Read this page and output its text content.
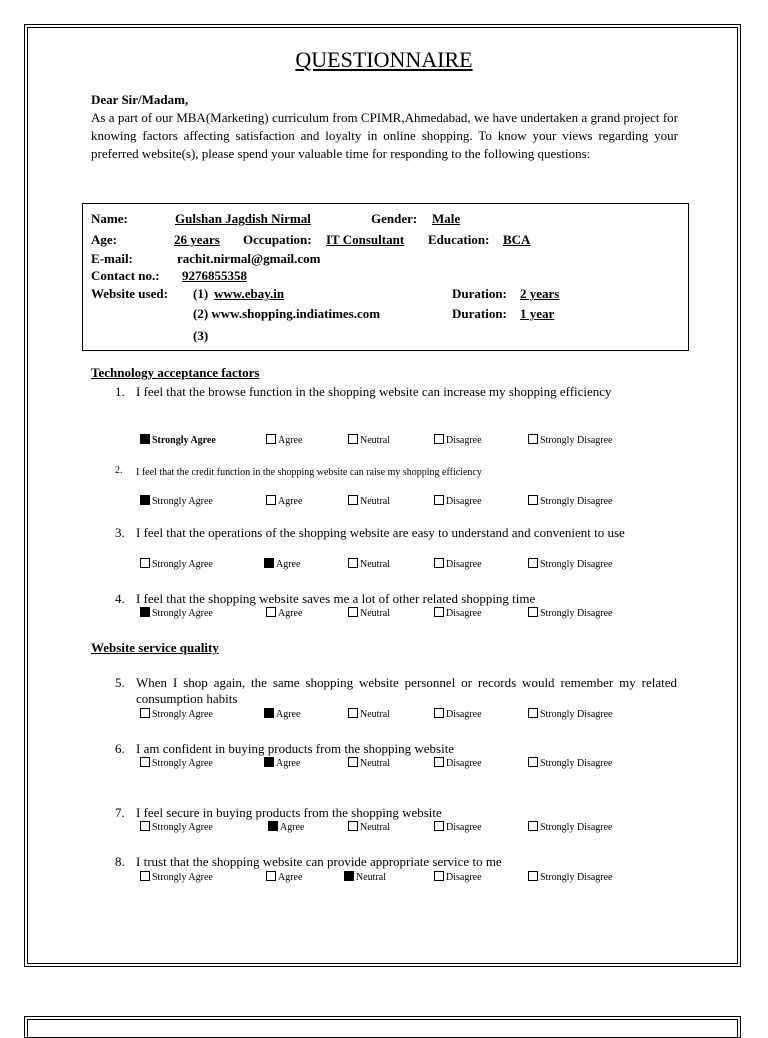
QUESTIONNAIRE
Dear Sir/Madam,
As a part of our MBA(Marketing) curriculum from CPIMR,Ahmedabad, we have undertaken a grand project for knowing factors affecting satisfaction and loyalty in online shopping. To know your views regarding your preferred website(s), please spend your valuable time for responding to the following questions:
Name:	Gulshan Jagdish Nirmal	Gender: Male
Age:	26 years Occupation: IT Consultant Education: BCA
E-mail:	rachit.nirmal@gmail.com
Contact no.: 9276855358
Website used: (1) www.ebay.in	Duration: 2 years
(2) www.shopping.indiatimes.com	Duration: 1 year
(3)
Technology acceptance factors
Website service quality
1. I feel that the browse function in the shopping website can increase my shopping efficiency
Strongly Agree	Agree	Neutral	Disagree	Strongly Disagree
2. I feel that the credit function in the shopping website can raise my shopping efficiency
Strongly Agree	Agree	Neutral	Disagree	Strongly Disagree
3. I feel that the operations of the shopping website are easy to understand and convenient to use
Strongly Agree	Agree	Neutral	Disagree	Strongly Disagree
4. I feel that the shopping website saves me a lot of other related shopping time
Strongly Agree	Agree	Neutral	Disagree	Strongly Disagree
5. When I shop again, the same shopping website personnel or records would remember my related consumption habits
Strongly Agree	Agree	Neutral	Disagree	Strongly Disagree
6. I am confident in buying products from the shopping website
Strongly Agree	Agree	Neutral	Disagree	Strongly Disagree
7. I feel secure in buying products from the shopping website
Strongly Agree	Agree	Neutral	Disagree	Strongly Disagree
8. I trust that the shopping website can provide appropriate service to me
Strongly Agree	Agree	Neutral	Disagree	Strongly Disagree
